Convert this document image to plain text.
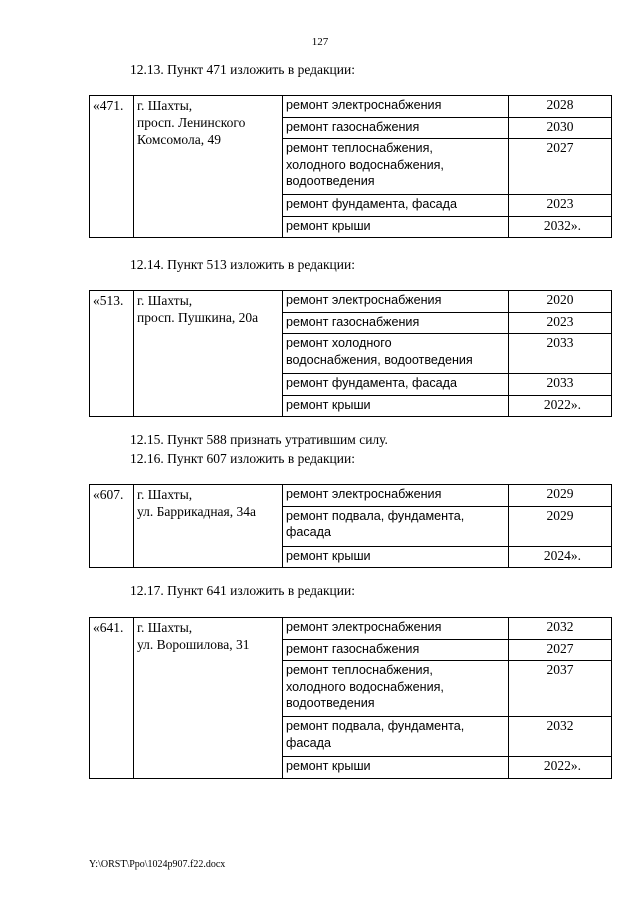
127
12.13. Пункт 471 изложить в редакции:
«471.	г. Шахты,
просп. Ленинского
Комсомола, 49	ремонт электроснабжения	2028

		ремонт газоснабжения	2030

		ремонт теплоснабжения,
холодного водоснабжения,
водоотведения	2027

		ремонт фундамента, фасада	2023

		ремонт крыши	2032».
12.14. Пункт 513 изложить в редакции:
«513.	г. Шахты,
просп. Пушкина, 20а	ремонт электроснабжения	2020

		ремонт газоснабжения	2023

		ремонт холодного
водоснабжения, водоотведения	2033

		ремонт фундамента, фасада	2033

		ремонт крыши	2022».
12.15. Пункт 588 признать утратившим силу.
12.16. Пункт 607 изложить в редакции:
«607.	г. Шахты,
ул. Баррикадная, 34а	ремонт электроснабжения	2029

		ремонт подвала, фундамента,
фасада	2029

		ремонт крыши	2024».
12.17. Пункт 641 изложить в редакции:
«641.	г. Шахты,
ул. Ворошилова, 31	ремонт электроснабжения	2032

		ремонт газоснабжения	2027

		ремонт теплоснабжения,
холодного водоснабжения,
водоотведения	2037

		ремонт подвала, фундамента,
фасада	2032

		ремонт крыши	2022».
Y:\ORST\Ppo\1024p907.f22.docx
